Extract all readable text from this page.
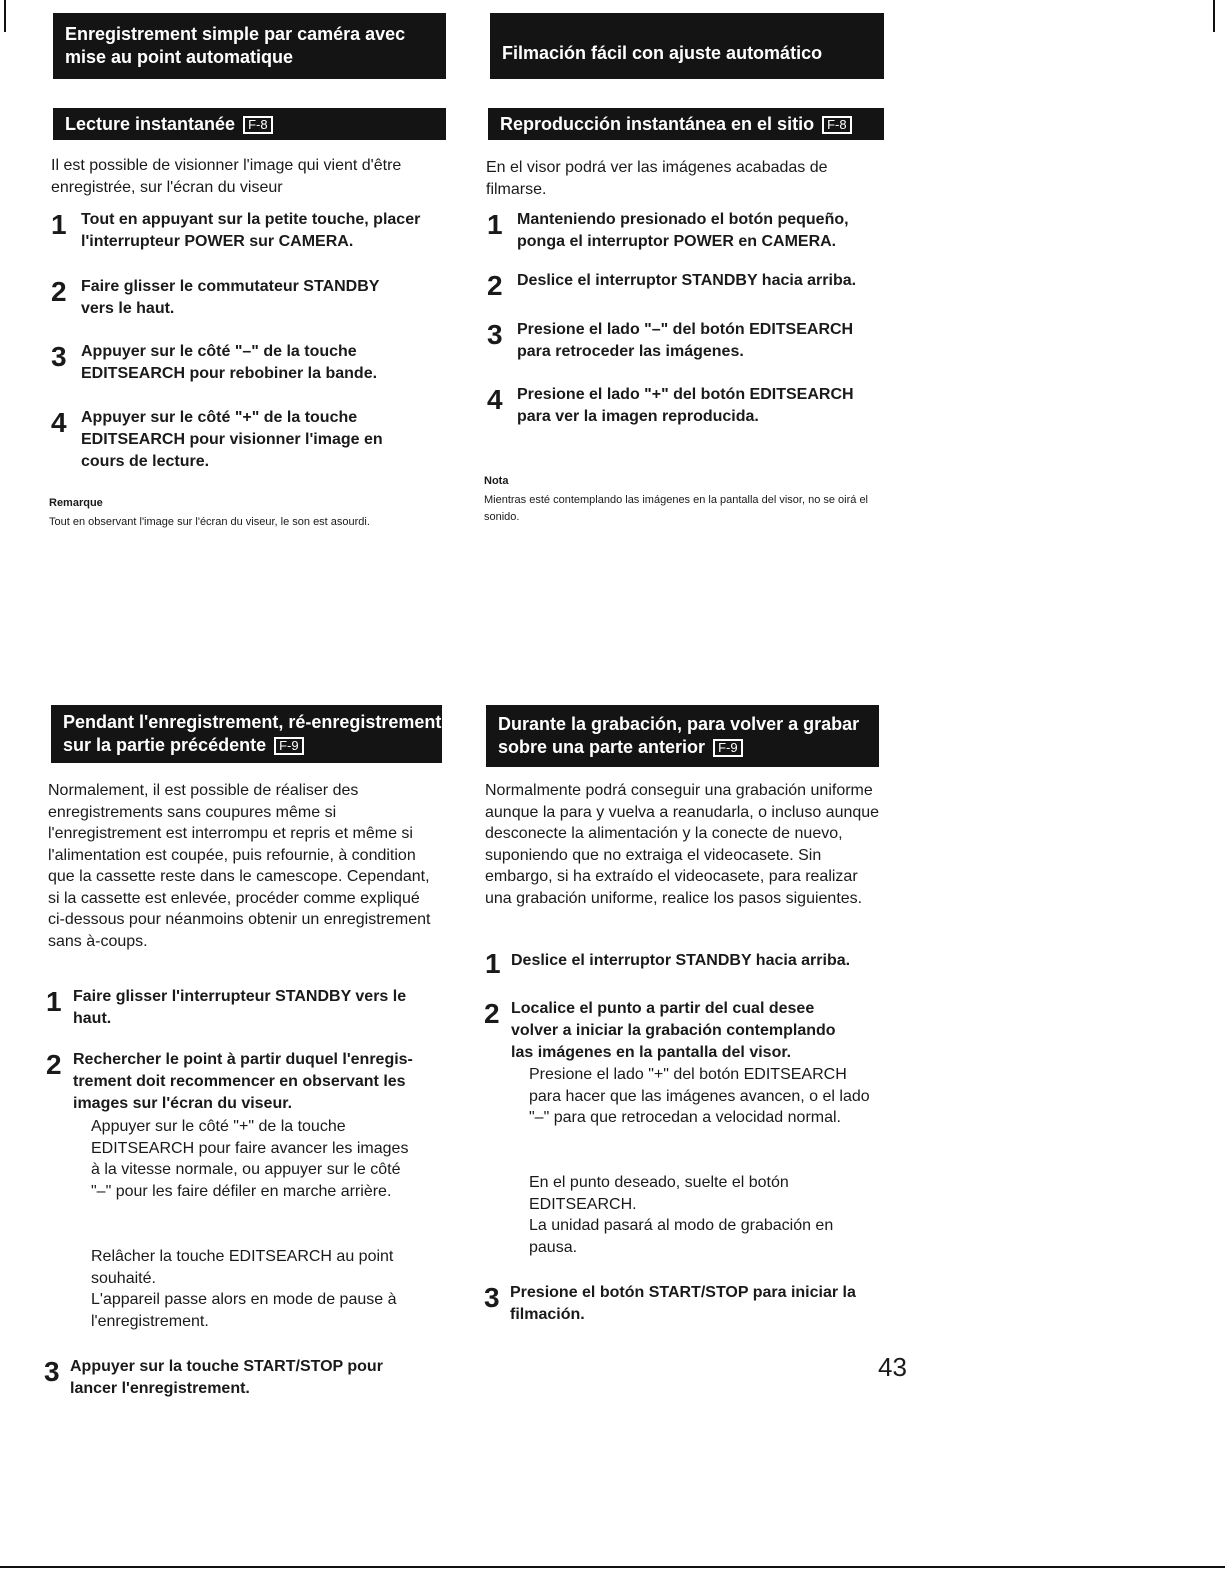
Enregistrement simple par caméra avec
mise au point automatique
Lecture instantanée F-8
Il est possible de visionner l'image qui vient d'être enregistrée, sur l'écran du viseur
1 Tout en appuyant sur la petite touche, placer l'interrupteur POWER sur CAMERA.
2 Faire glisser le commutateur STANDBY vers le haut.
3 Appuyer sur le côté "–" de la touche EDITSEARCH pour rebobiner la bande.
4 Appuyer sur le côté "+" de la touche EDITSEARCH pour visionner l'image en cours de lecture.
Remarque
Tout en observant l'image sur l'écran du viseur, le son est asourdi.
Pendant l'enregistrement, ré-enregistrement
sur la partie précédente F-9
Normalement, il est possible de réaliser des enregistrements sans coupures même si l'enregistrement est interrompu et repris et même si l'alimentation est coupée, puis refournie, à condition que la cassette reste dans le camescope. Cependant, si la cassette est enlevée, procéder comme expliqué ci-dessous pour néanmoins obtenir un enregistrement sans à-coups.
1 Faire glisser l'interrupteur STANDBY vers le haut.
2 Rechercher le point à partir duquel l'enregis-trement doit recommencer en observant les images sur l'écran du viseur.
Appuyer sur le côté "+" de la touche EDITSEARCH pour faire avancer les images à la vitesse normale, ou appuyer sur le côté "–" pour les faire défiler en marche arrière.
Relâcher la touche EDITSEARCH au point souhaité.
L'appareil passe alors en mode de pause à l'enregistrement.
3 Appuyer sur la touche START/STOP pour lancer l'enregistrement.
Filmación fácil con ajuste automático
Reproducción instantánea en el sitio F-8
En el visor podrá ver las imágenes acabadas de filmarse.
1 Manteniendo presionado el botón pequeño, ponga el interruptor POWER en CAMERA.
2 Deslice el interruptor STANDBY hacia arriba.
3 Presione el lado "–" del botón EDITSEARCH para retroceder las imágenes.
4 Presione el lado "+" del botón EDITSEARCH para ver la imagen reproducida.
Nota
Mientras esté contemplando las imágenes en la pantalla del visor, no se oirá el sonido.
Durante la grabación, para volver a grabar
sobre una parte anterior F-9
Normalmente podrá conseguir una grabación uniforme aunque la para y vuelva a reanudarla, o incluso aunque desconecte la alimentación y la conecte de nuevo, suponiendo que no extraiga el videocasete. Sin embargo, si ha extraído el videocasete, para realizar una grabación uniforme, realice los pasos siguientes.
1 Deslice el interruptor STANDBY hacia arriba.
2 Localice el punto a partir del cual desee volver a iniciar la grabación contemplando las imágenes en la pantalla del visor.
Presione el lado "+" del botón EDITSEARCH para hacer que las imágenes avancen, o el lado "–" para que retrocedan a velocidad normal.
En el punto deseado, suelte el botón EDITSEARCH.
La unidad pasará al modo de grabación en pausa.
3 Presione el botón START/STOP para iniciar la filmación.
43
